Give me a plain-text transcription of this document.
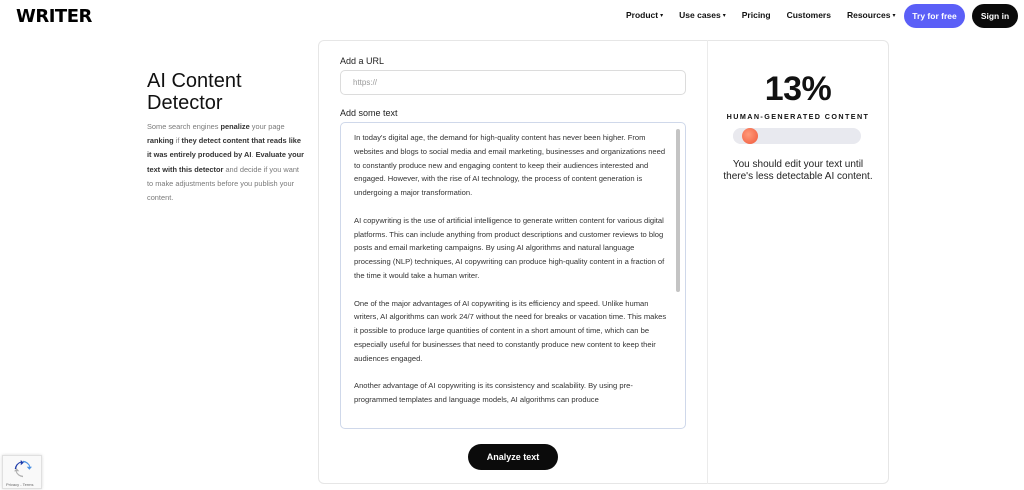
WRITER	Product ▾ Use cases ▾ Pricing Customers Resources ▾	Try for free	Sign in
AI Content Detector

Some search engines penalize your page ranking if they detect content that reads like it was entirely produced by AI. Evaluate your text with this detector and decide if you want to make adjustments before you publish your content.

Add a URL
https://
Add some text

In today's digital age, the demand for high-quality content has never been higher. From websites and blogs to social media and email marketing, businesses and organizations need to constantly produce new and engaging content to keep their audiences interested and engaged. However, with the rise of AI technology, the process of content generation is undergoing a major transformation.

AI copywriting is the use of artificial intelligence to generate written content for various digital platforms. This can include anything from product descriptions and customer reviews to blog posts and email marketing campaigns. By using AI algorithms and natural language processing (NLP) techniques, AI copywriting can produce high-quality content in a fraction of the time it would take a human writer.

One of the major advantages of AI copywriting is its efficiency and speed. Unlike human writers, AI algorithms can work 24/7 without the need for breaks or vacation time. This makes it possible to produce large quantities of content in a short amount of time, which can be especially useful for businesses that need to constantly produce new content to keep their audiences engaged.

Another advantage of AI copywriting is its consistency and scalability. By using pre-programmed templates and language models, AI algorithms can produce

Analyze text
13%
HUMAN-GENERATED CONTENT
You should edit your text until there's less detectable AI content.
Privacy - Terms
